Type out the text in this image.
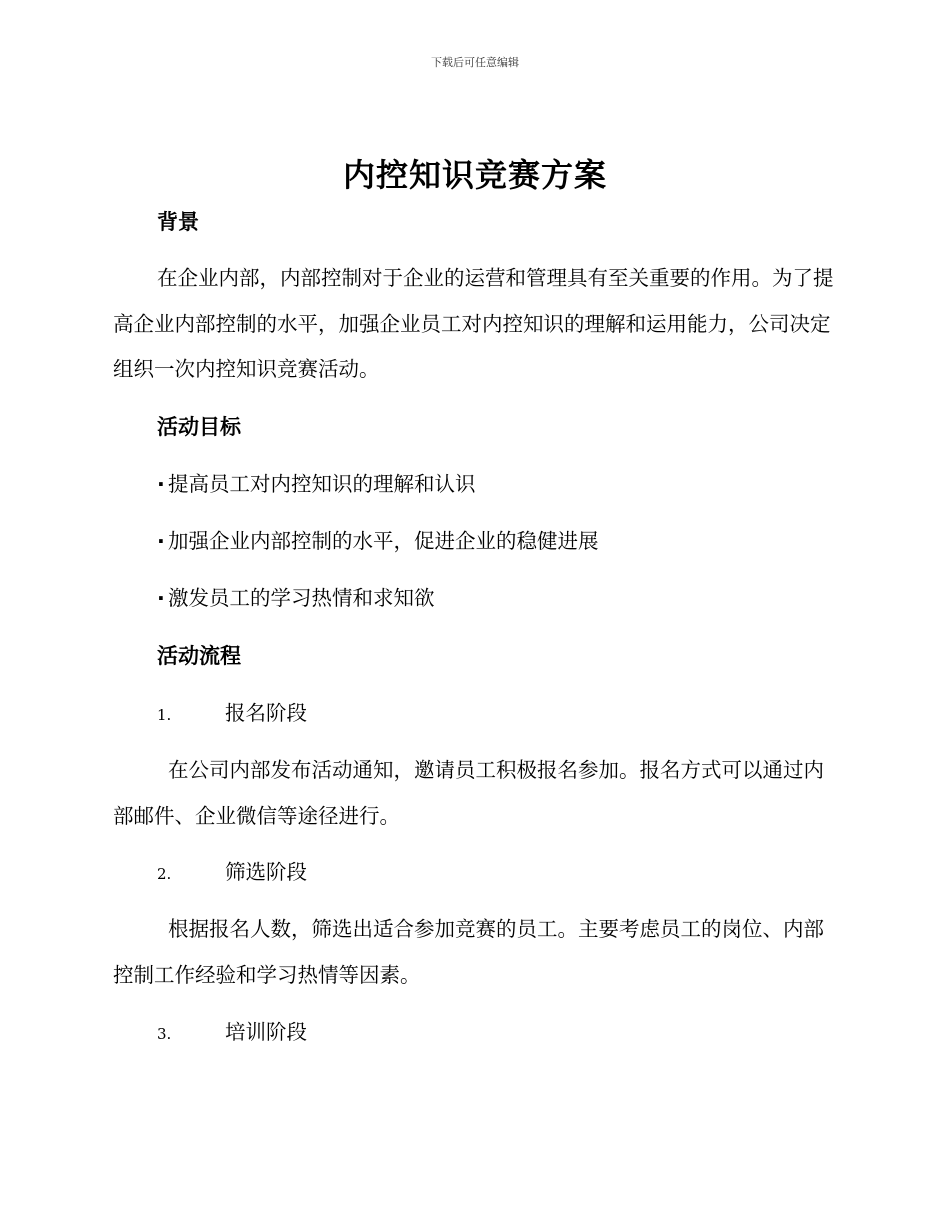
下载后可任意编辑
内控知识竞赛方案
背景
在企业内部，内部控制对于企业的运营和管理具有至关重要的作用。为了提高企业内部控制的水平，加强企业员工对内控知识的理解和运用能力，公司决定组织一次内控知识竞赛活动。
活动目标
· 提高员工对内控知识的理解和认识
· 加强企业内部控制的水平，促进企业的稳健进展
· 激发员工的学习热情和求知欲
活动流程
1.	报名阶段
在公司内部发布活动通知，邀请员工积极报名参加。报名方式可以通过内部邮件、企业微信等途径进行。
2.	筛选阶段
根据报名人数，筛选出适合参加竞赛的员工。主要考虑员工的岗位、内部控制工作经验和学习热情等因素。
3.	培训阶段
